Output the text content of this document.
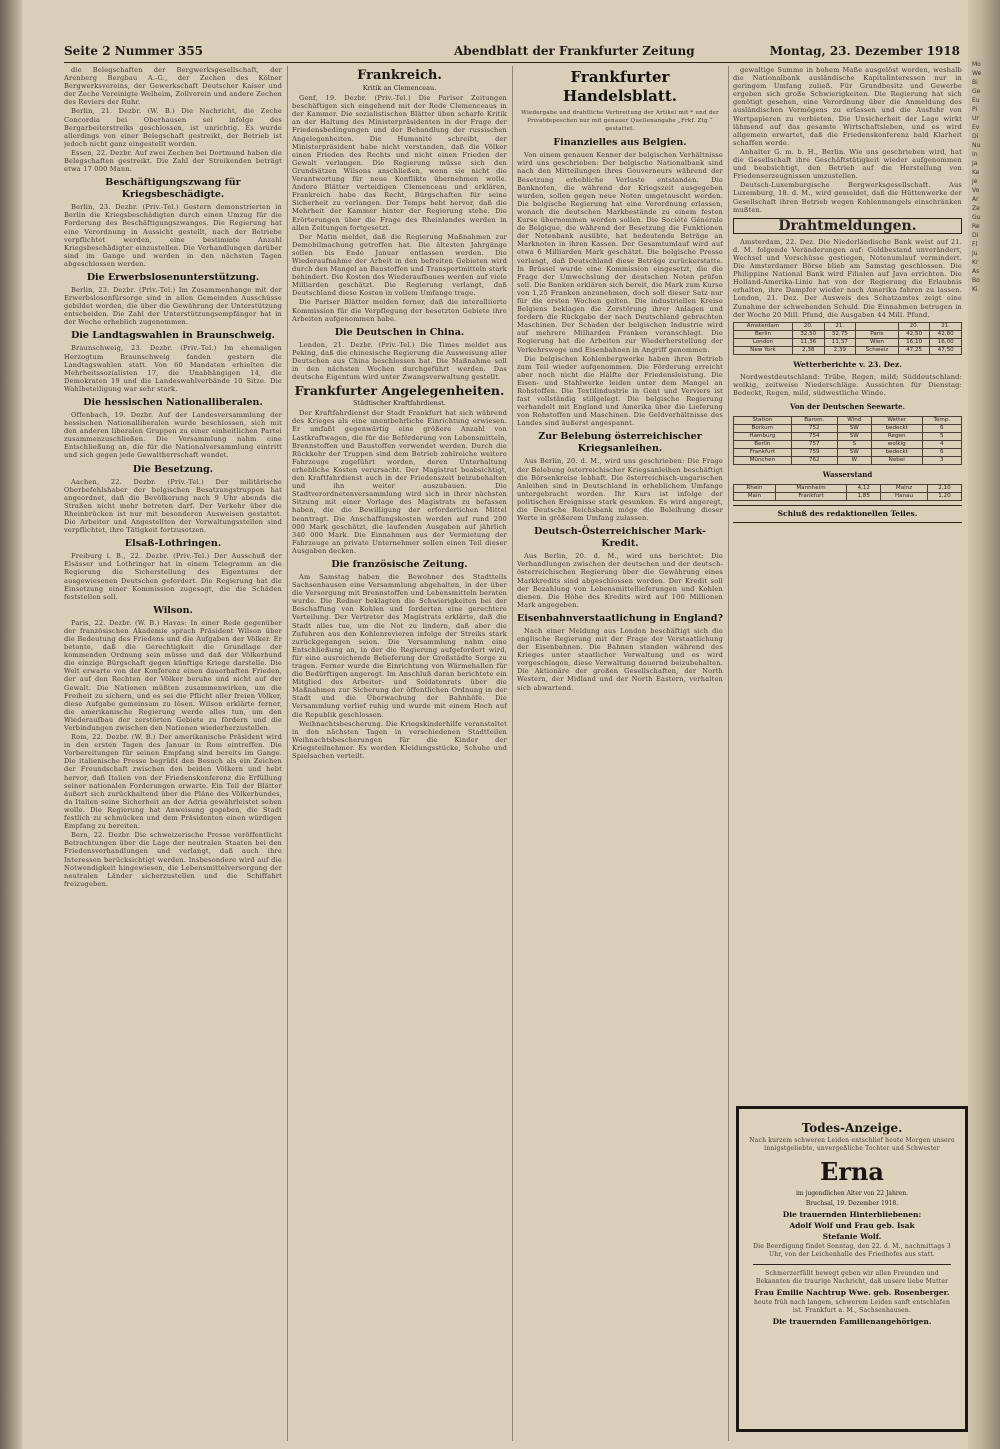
Mo
We
Bi
Ge
Eu
Pi
Ur
Ev
Di
Nu
In
Ja
Ke
Je
Vo
Ar
Ze
Gu
Re
Di
Fl
Ju
Kr
As
Bo
Ki
Seite 2 Nummer 355	Abendblatt der Frankfurter Zeitung	Montag, 23. Dezember 1918

die Belegschaften der Bergwerksgesellschaft, der Arenberg Bergbau A.-G., der Zechen des Kölner Bergwerksvereins, der Gewerkschaft Deutscher Kaiser und der Zeche Vereinigte Welheim, Zollverein und andere Zechen des Reviers der Ruhr.

Berlin, 21. Dezbr. (W. B.) Die Nachricht, die Zeche Concordia bei Oberhausen sei infolge des Bergarbeiterstreiks geschlossen, ist unrichtig. Es wurde allerdings von einer Belegschaft gestreikt, der Betrieb ist jedoch nicht ganz eingestellt worden.

Essen, 22. Dezbr. Auf zwei Zechen bei Dortmund haben die Belegschaften gestreikt. Die Zahl der Streikenden beträgt etwa 17 000 Mann.

Beschäftigungszwang für Kriegsbeschädigte.

Berlin, 23. Dezbr. (Priv.-Tel.) Gestern demonstrierten in Berlin die Kriegsbeschädigten durch einen Umzug für die Forderung des Beschäftigungszwanges. Die Regierung hat eine Verordnung in Aussicht gestellt, nach der Betriebe verpflichtet werden, eine bestimmte Anzahl Kriegsbeschädigter einzustellen. Die Verhandlungen darüber sind im Gange und werden in den nächsten Tagen abgeschlossen werden.

Die Erwerbslosenunterstützung.

Berlin, 23. Dezbr. (Priv.-Tel.) Im Zusammenhange mit der Erwerbslosenfürsorge sind in allen Gemeinden Ausschüsse gebildet worden, die über die Gewährung der Unterstützung entscheiden. Die Zahl der Unterstützungsempfänger hat in der Woche erheblich zugenommen.

Die Landtagswahlen in Braunschweig.

Braunschweig, 23. Dezbr. (Priv.-Tel.) Im ehemaligen Herzogtum Braunschweig fanden gestern die Landtagswahlen statt. Von 60 Mandaten erhielten die Mehrheitssozialisten 17, die Unabhängigen 14, die Demokraten 19 und die Landeswahlverbände 10 Sitze. Die Wahlbeteiligung war sehr stark.

Die hessischen Nationalliberalen.

Offenbach, 19. Dezbr. Auf der Landesversammlung der hessischen Nationalliberalen wurde beschlossen, sich mit den anderen liberalen Gruppen zu einer einheitlichen Partei zusammenzuschließen. Die Versammlung nahm eine Entschließung an, die für die Nationalversammlung eintritt und sich gegen jede Gewaltherrschaft wendet.

Die Besetzung.

Aachen, 22. Dezbr. (Priv.-Tel.) Der militärische Oberbefehlshaber der belgischen Besatzungstruppen hat angeordnet, daß die Bevölkerung nach 9 Uhr abends die Straßen nicht mehr betreten darf. Der Verkehr über die Rheinbrücken ist nur mit besonderen Ausweisen gestattet. Die Arbeiter und Angestellten der Verwaltungsstellen sind verpflichtet, ihre Tätigkeit fortzusetzen.

Elsaß-Lothringen.

Freiburg i. B., 22. Dezbr. (Priv.-Tel.) Der Ausschuß der Elsässer und Lothringer hat in einem Telegramm an die Regierung die Sicherstellung des Eigentums der ausgewiesenen Deutschen gefordert. Die Regierung hat die Einsetzung einer Kommission zugesagt, die die Schäden feststellen soll.

Wilson.

Paris, 22. Dezbr. (W. B.) Havas: In einer Rede gegenüber der französischen Akademie sprach Präsident Wilson über die Bedeutung des Friedens und die Aufgaben der Völker. Er betonte, daß die Gerechtigkeit die Grundlage der kommenden Ordnung sein müsse und daß der Völkerbund die einzige Bürgschaft gegen künftige Kriege darstelle. Die Welt erwarte von der Konferenz einen dauerhaften Frieden, der auf den Rechten der Völker beruhe und nicht auf der Gewalt. Die Nationen müßten zusammenwirken, um die Freiheit zu sichern, und es sei die Pflicht aller freien Völker, diese Aufgabe gemeinsam zu lösen. Wilson erklärte ferner, die amerikanische Regierung werde alles tun, um den Wiederaufbau der zerstörten Gebiete zu fördern und die Verbindungen zwischen den Nationen wiederherzustellen.

Rom, 22. Dezbr. (W. B.) Der amerikanische Präsident wird in den ersten Tagen des Januar in Rom eintreffen. Die Vorbereitungen für seinen Empfang sind bereits im Gange. Die italienische Presse begrüßt den Besuch als ein Zeichen der Freundschaft zwischen den beiden Völkern und hebt hervor, daß Italien von der Friedenskonferenz die Erfüllung seiner nationalen Forderungen erwarte. Ein Teil der Blätter äußert sich zurückhaltend über die Pläne des Völkerbundes, da Italien seine Sicherheit an der Adria gewährleistet sehen wolle. Die Regierung hat Anweisung gegeben, die Stadt festlich zu schmücken und dem Präsidenten einen würdigen Empfang zu bereiten.

Bern, 22. Dezbr. Die schweizerische Presse veröffentlicht Betrachtungen über die Lage der neutralen Staaten bei den Friedensverhandlungen und verlangt, daß auch ihre Interessen berücksichtigt werden. Insbesondere wird auf die Notwendigkeit hingewiesen, die Lebensmittelversorgung der neutralen Länder sicherzustellen und die Schiffahrt freizugeben.

Frankreich.
Kritik an Clemenceau.

Genf, 19. Dezbr. (Priv.-Tel.) Die Pariser Zeitungen beschäftigen sich eingehend mit der Rede Clemenceaus in der Kammer. Die sozialistischen Blätter üben scharfe Kritik an der Haltung des Ministerpräsidenten in der Frage der Friedensbedingungen und der Behandlung der russischen Angelegenheiten. Die Humanité schreibt, der Ministerpräsident habe nicht verstanden, daß die Völker einen Frieden des Rechts und nicht einen Frieden der Gewalt verlangen. Die Regierung müsse sich den Grundsätzen Wilsons anschließen, wenn sie nicht die Verantwortung für neue Konflikte übernehmen wolle. Andere Blätter verteidigen Clemenceau und erklären, Frankreich habe das Recht, Bürgschaften für seine Sicherheit zu verlangen. Der Temps hebt hervor, daß die Mehrheit der Kammer hinter der Regierung stehe. Die Erörterungen über die Frage des Rheinlandes werden in allen Zeitungen fortgesetzt.

Der Matin meldet, daß die Regierung Maßnahmen zur Demobilmachung getroffen hat. Die ältesten Jahrgänge sollen bis Ende Januar entlassen werden. Die Wiederaufnahme der Arbeit in den befreiten Gebieten wird durch den Mangel an Baustoffen und Transportmitteln stark behindert. Die Kosten des Wiederaufbaues werden auf viele Milliarden geschätzt. Die Regierung verlangt, daß Deutschland diese Kosten in vollem Umfange trage.

Die Pariser Blätter melden ferner, daß die interalliierte Kommission für die Verpflegung der besetzten Gebiete ihre Arbeiten aufgenommen habe.

Die Deutschen in China.

London, 21. Dezbr. (Priv.-Tel.) Die Times meldet aus Peking, daß die chinesische Regierung die Ausweisung aller Deutschen aus China beschlossen hat. Die Maßnahme soll in den nächsten Wochen durchgeführt werden. Das deutsche Eigentum wird unter Zwangsverwaltung gestellt.

Frankfurter Angelegenheiten.
Städtischer Kraftfahrdienst.

Der Kraftfahrdienst der Stadt Frankfurt hat sich während des Krieges als eine unentbehrliche Einrichtung erwiesen. Er umfaßt gegenwärtig eine größere Anzahl von Lastkraftwagen, die für die Beförderung von Lebensmitteln, Brennstoffen und Baustoffen verwendet werden. Durch die Rückkehr der Truppen sind dem Betrieb zahlreiche weitere Fahrzeuge zugeführt worden, deren Unterhaltung erhebliche Kosten verursacht. Der Magistrat beabsichtigt, den Kraftfahrdienst auch in der Friedenszeit beizubehalten und ihn weiter auszubauen. Die Stadtverordnetenversammlung wird sich in ihrer nächsten Sitzung mit einer Vorlage des Magistrats zu befassen haben, die die Bewilligung der erforderlichen Mittel beantragt. Die Anschaffungskosten werden auf rund 200 000 Mark geschätzt, die laufenden Ausgaben auf jährlich 340 000 Mark. Die Einnahmen aus der Vermietung der Fahrzeuge an private Unternehmer sollen einen Teil dieser Ausgaben decken.

Die französische Zeitung.

Am Samstag haben die Bewohner des Stadtteils Sachsenhausen eine Versammlung abgehalten, in der über die Versorgung mit Brennstoffen und Lebensmitteln beraten wurde. Die Redner beklagten die Schwierigkeiten bei der Beschaffung von Kohlen und forderten eine gerechtere Verteilung. Der Vertreter des Magistrats erklärte, daß die Stadt alles tue, um die Not zu lindern, daß aber die Zufuhren aus den Kohlenrevieren infolge der Streiks stark zurückgegangen seien. Die Versammlung nahm eine Entschließung an, in der die Regierung aufgefordert wird, für eine ausreichende Belieferung der Großstädte Sorge zu tragen. Ferner wurde die Einrichtung von Wärmehallen für die Bedürftigen angeregt. Im Anschluß daran berichtete ein Mitglied des Arbeiter- und Soldatenrats über die Maßnahmen zur Sicherung der öffentlichen Ordnung in der Stadt und die Überwachung der Bahnhöfe. Die Versammlung verlief ruhig und wurde mit einem Hoch auf die Republik geschlossen.

Weihnachtsbescherung. Die Kriegskinderhilfe veranstaltet in den nächsten Tagen in verschiedenen Stadtteilen Weihnachtsbescherungen für die Kinder der Kriegsteilnehmer. Es werden Kleidungsstücke, Schuhe und Spielsachen verteilt.

Frankfurter Handelsblatt.

Wiedergabe und drahtliche Verbreitung der Artikel mit * und der Privatdepeschen nur mit genauer Quellenangabe „Frkf. Ztg.“ gestattet.

Finanzielles aus Belgien.

Von einem genauen Kenner der belgischen Verhältnisse wird uns geschrieben: Der belgische Nationalbank sind nach den Mitteilungen ihres Gouverneurs während der Besetzung erhebliche Verluste entstanden. Die Banknoten, die während der Kriegszeit ausgegeben wurden, sollen gegen neue Noten umgetauscht werden. Die belgische Regierung hat eine Verordnung erlassen, wonach die deutschen Markbestände zu einem festen Kurse übernommen werden sollen. Die Société Générale de Belgique, die während der Besetzung die Funktionen der Notenbank ausübte, hat bedeutende Beträge an Marknoten in ihren Kassen. Der Gesamtumlauf wird auf etwa 6 Milliarden Mark geschätzt. Die belgische Presse verlangt, daß Deutschland diese Beträge zurückerstatte. In Brüssel wurde eine Kommission eingesetzt, die die Frage der Umwechslung der deutschen Noten prüfen soll. Die Banken erklären sich bereit, die Mark zum Kurse von 1,25 Franken anzunehmen, doch soll dieser Satz nur für die ersten Wochen gelten. Die industriellen Kreise Belgiens beklagen die Zerstörung ihrer Anlagen und fordern die Rückgabe der nach Deutschland gebrachten Maschinen. Der Schaden der belgischen Industrie wird auf mehrere Milliarden Franken veranschlagt. Die Regierung hat die Arbeiten zur Wiederherstellung der Verkehrswege und Eisenbahnen in Angriff genommen.

Die belgischen Kohlenbergwerke haben ihren Betrieb zum Teil wieder aufgenommen. Die Förderung erreicht aber noch nicht die Hälfte der Friedensleistung. Die Eisen- und Stahlwerke leiden unter dem Mangel an Rohstoffen. Die Textilindustrie in Gent und Verviers ist fast vollständig stillgelegt. Die belgische Regierung verhandelt mit England und Amerika über die Lieferung von Rohstoffen und Maschinen. Die Geldverhältnisse des Landes sind äußerst angespannt.

Zur Belebung österreichischer Kriegsanleihen.

Aus Berlin, 20. d. M., wird uns geschrieben: Die Frage der Belebung österreichischer Kriegsanleihen beschäftigt die Börsenkreise lebhaft. Die österreichisch-ungarischen Anleihen sind in Deutschland in erheblichem Umfange untergebracht worden. Ihr Kurs ist infolge der politischen Ereignisse stark gesunken. Es wird angeregt, die Deutsche Reichsbank möge die Beleihung dieser Werte in größerem Umfang zulassen.

Deutsch-Österreichischer Mark-Kredit.

Aus Berlin, 20. d. M., wird uns berichtet: Die Verhandlungen zwischen der deutschen und der deutsch-österreichischen Regierung über die Gewährung eines Markkredits sind abgeschlossen worden. Der Kredit soll der Bezahlung von Lebensmittellieferungen und Kohlen dienen. Die Höhe des Kredits wird auf 100 Millionen Mark angegeben.

Eisenbahnverstaatlichung in England?

Nach einer Meldung aus London beschäftigt sich die englische Regierung mit der Frage der Verstaatlichung der Eisenbahnen. Die Bahnen standen während des Krieges unter staatlicher Verwaltung und es wird vorgeschlagen, diese Verwaltung dauernd beizubehalten. Die Aktionäre der großen Gesellschaften, der North Western, der Midland und der North Eastern, verhalten sich abwartend.

gewaltige Summe in hohem Maße ausgelöst worden, weshalb die Nationalbank ausländische Kapitalinteressen nur in geringem Umfang zuließ. Für Grundbesitz und Gewerbe ergeben sich große Schwierigkeiten. Die Regierung hat sich genötigt gesehen, eine Verordnung über die Anmeldung des ausländischen Vermögens zu erlassen und die Ausfuhr von Wertpapieren zu verbieten. Die Unsicherheit der Lage wirkt lähmend auf das gesamte Wirtschaftsleben, und es wird allgemein erwartet, daß die Friedenskonferenz bald Klarheit schaffen werde.

Anhalter G. m. b. H., Berlin. Wie uns geschrieben wird, hat die Gesellschaft ihre Geschäftstätigkeit wieder aufgenommen und beabsichtigt, den Betrieb auf die Herstellung von Friedenserzeugnissen umzustellen.

Deutsch-Luxemburgische Bergwerksgesellschaft. Aus Luxemburg, 18. d. M., wird gemeldet, daß die Hüttenwerke der Gesellschaft ihren Betrieb wegen Kohlenmangels einschränken mußten.

Drahtmeldungen.

Amsterdam, 22. Dez. Die Niederländische Bank weist auf 21. d. M. folgende Veränderungen auf: Goldbestand unverändert, Wechsel und Vorschüsse gestiegen, Notenumlauf vermindert. Die Amsterdamer Börse blieb am Samstag geschlossen. Die Philippine National Bank wird Filialen auf Java errichten. Die Holland-Amerika-Linie hat von der Regierung die Erlaubnis erhalten, ihre Dampfer wieder nach Amerika fahren zu lassen. London, 21. Dez. Der Ausweis des Schatzamtes zeigt eine Zunahme der schwebenden Schuld. Die Einnahmen betrugen in der Woche 20 Mill. Pfund, die Ausgaben 44 Mill. Pfund.

Amsterdam	20.	21.		20.	21.
Berlin	32,50	32,75	Paris	42,50	42,80
London	11,36	11,37	Wien	16,10	16,00
New York	2,38	2,39	Schweiz	47,25	47,50
Wetterberichte v. 23. Dez.

Nordwestdeutschland: Trübe, Regen, mild; Süddeutschland: wolkig, zeitweise Niederschläge. Aussichten für Dienstag: Bedeckt, Regen, mild, südwestliche Winde.

Von der Deutschen Seewarte.
Station	Barom.	Wind	Wetter	Temp.
Borkum	752	SW	bedeckt	6
Hamburg	754	SW	Regen	5
Berlin	757	S	wolkig	4
Frankfurt	759	SW	bedeckt	6
München	762	W	Nebel	3
Wasserstand
Rhein	Mannheim	4,12	Mainz	2,10
Main	Frankfurt	1,85	Hanau	1,20
Schluß des redaktionellen Teiles.
Todes-Anzeige.
Nach kurzem schweren Leiden entschlief heute Morgen unsere innigstgeliebte, unvergeßliche Tochter und Schwester
Erna
im jugendlichen Alter von 22 Jahren.
Bruchsal, 19. Dezember 1918.
Die trauernden Hinterbliebenen:
Adolf Wolf und Frau geb. Isak
Stefanie Wolf.
Die Beerdigung findet Sonntag, den 22. d. M., nachmittags 3 Uhr, von der Leichenhalle des Friedhofes aus statt.
Schmerzerfüllt bewegt geben wir allen Freunden und Bekannten die traurige Nachricht, daß unsere liebe Mutter
Frau Emilie Nachtrup Wwe. geb. Rosenberger.
heute früh nach langem, schwerem Leiden sanft entschlafen ist. Frankfurt a. M., Sachsenhausen.
Die trauernden Familienangehörigen.
